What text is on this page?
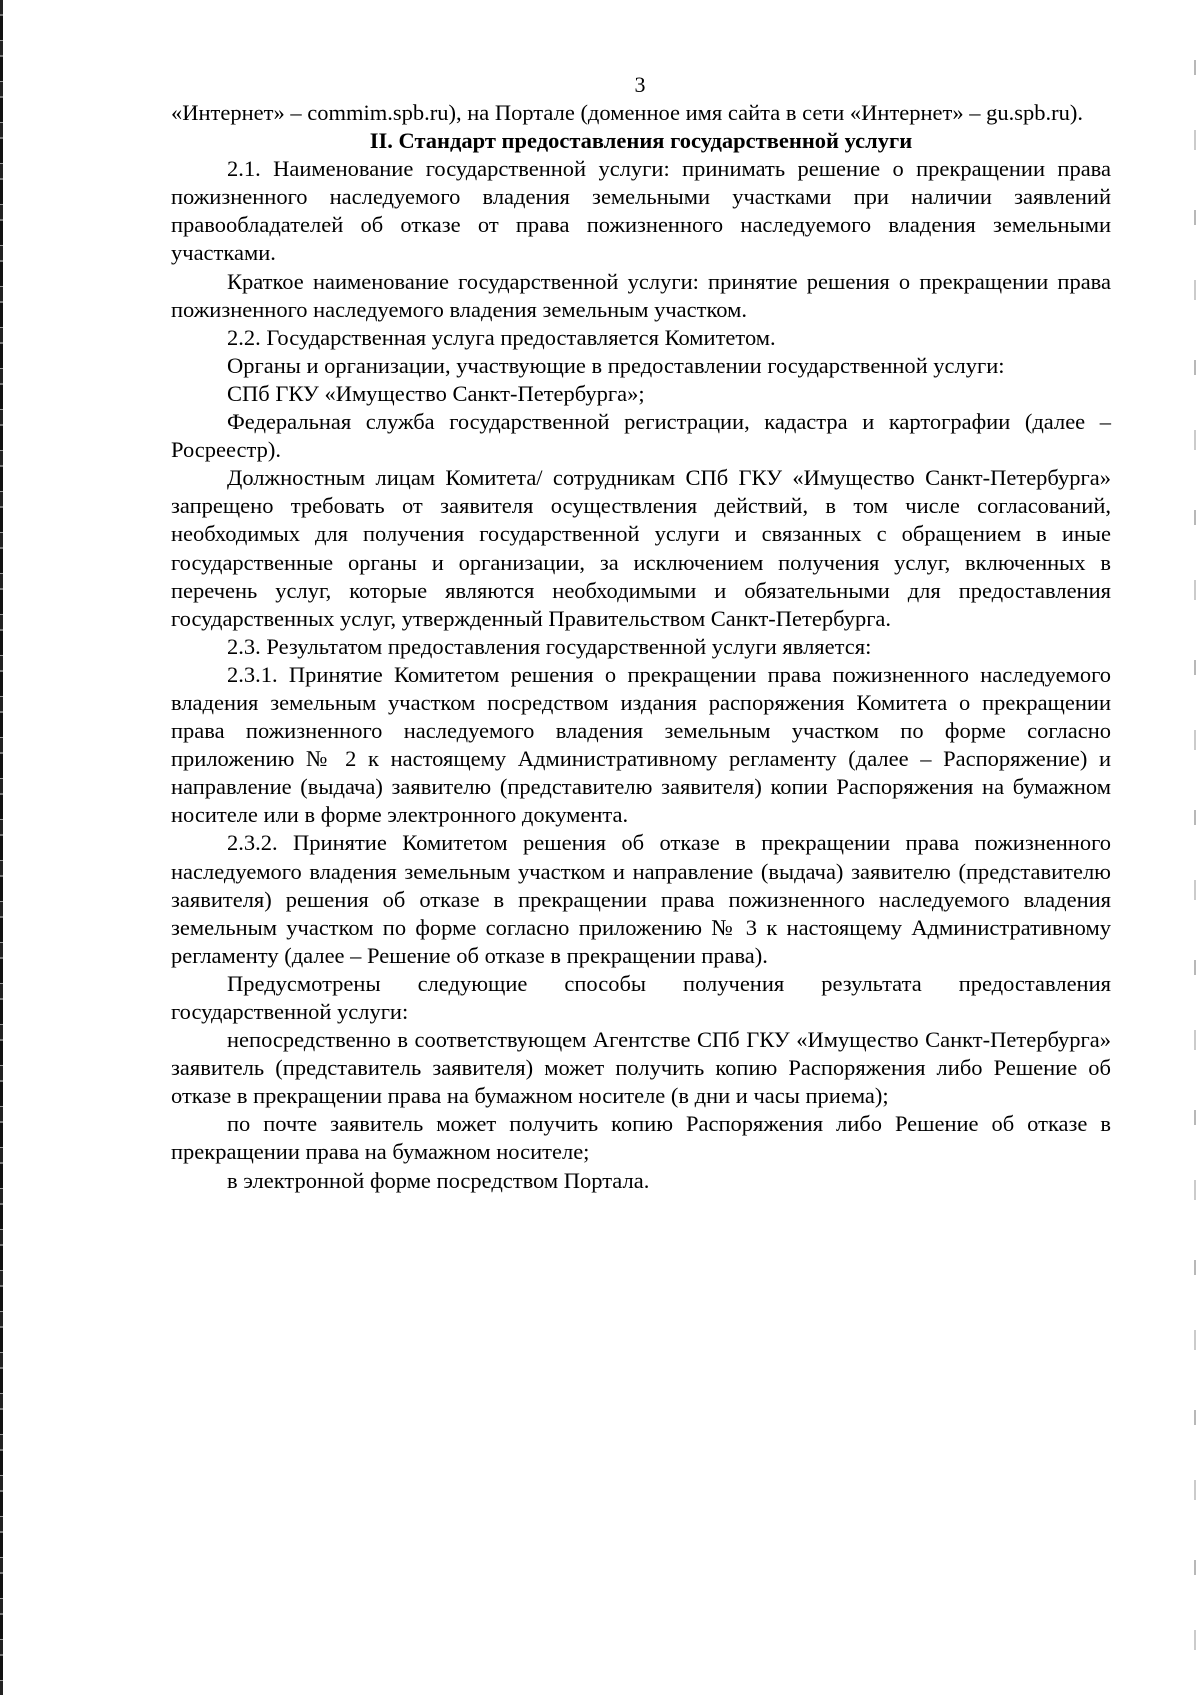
3

«Интернет» – commim.spb.ru), на Порталe (доменное имя сайта в сети «Интернет» – gu.spb.ru).

II. Стандарт предоставления государственной услуги

2.1. Наименование государственной услуги: принимать решение о прекращении права пожизненного наследуемого владения земельными участками при наличии заявлений правообладателей об отказе от права пожизненного наследуемого владения земельными участками.

Краткое наименование государственной услуги: принятие решения о прекращении права пожизненного наследуемого владения земельным участком.

2.2. Государственная услуга предоставляется Комитетом.

Органы и организации, участвующие в предоставлении государственной услуги:

СПб ГКУ «Имущество Санкт-Петербурга»;

Федеральная служба государственной регистрации, кадастра и картографии (далее – Росреестр).

Должностным лицам Комитета/ сотрудникам СПб ГКУ «Имущество Санкт-Петербурга» запрещено требовать от заявителя осуществления действий, в том числе согласований, необходимых для получения государственной услуги и связанных с обращением в иные государственные органы и организации, за исключением получения услуг, включенных в перечень услуг, которые являются необходимыми и обязательными для предоставления государственных услуг, утвержденный Правительством Санкт-Петербурга.

2.3. Результатом предоставления государственной услуги является:

2.3.1. Принятие Комитетом решения о прекращении права пожизненного наследуемого владения земельным участком посредством издания распоряжения Комитета о прекращении права пожизненного наследуемого владения земельным участком по форме согласно приложению № 2 к настоящему Административному регламенту (далее – Распоряжение) и направление (выдача) заявителю (представителю заявителя) копии Распоряжения на бумажном носителе или в форме электронного документа.

2.3.2. Принятие Комитетом решения об отказе в прекращении права пожизненного наследуемого владения земельным участком и направление (выдача) заявителю (представителю заявителя) решения об отказе в прекращении права пожизненного наследуемого владения земельным участком по форме согласно приложению № 3 к настоящему Административному регламенту (далее – Решение об отказе в прекращении права).

Предусмотрены следующие способы получения результата предоставления государственной услуги:

непосредственно в соответствующем Агентстве СПб ГКУ «Имущество Санкт-Петербурга» заявитель (представитель заявителя) может получить копию Распоряжения либо Решение об отказе в прекращении права на бумажном носителе (в дни и часы приема);

по почте заявитель может получить копию Распоряжения либо Решение об отказе в прекращении права на бумажном носителе;

в электронной форме посредством Портала.
